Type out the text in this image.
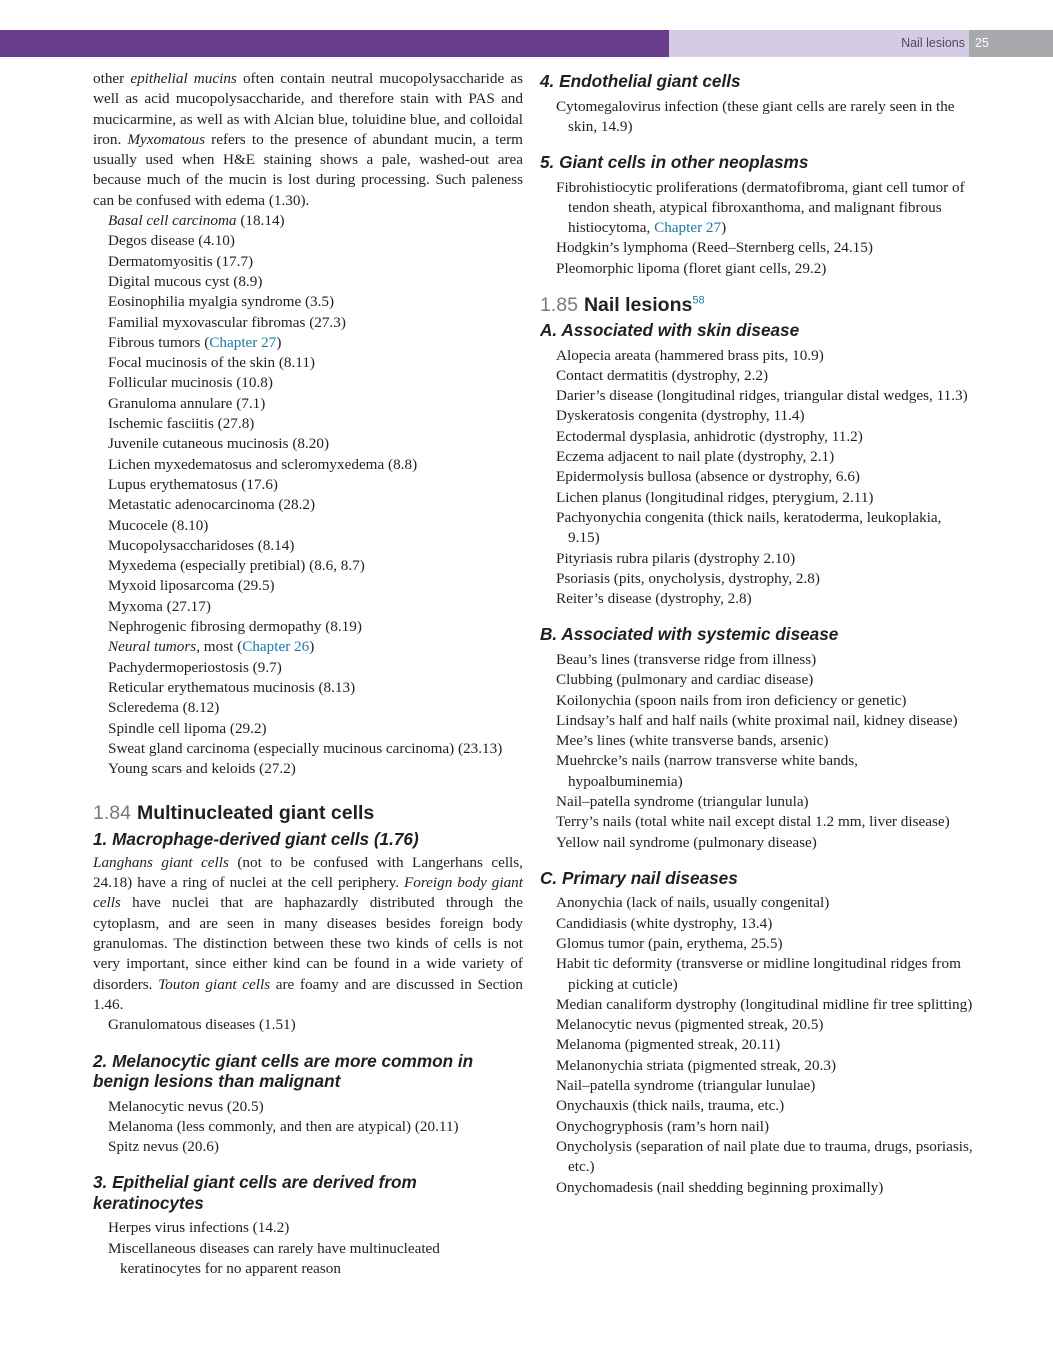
Nail lesions 25

other epithelial mucins often contain neutral mucopolysaccharide as well as acid mucopolysaccharide, and therefore stain with PAS and mucicarmine, as well as with Alcian blue, toluidine blue, and colloidal iron. Myxomatous refers to the presence of abundant mucin, a term usually used when H&E staining shows a pale, washed-out area because much of the mucin is lost during processing. Such paleness can be confused with edema (1.30).

Basal cell carcinoma (18.14)
Degos disease (4.10)
Dermatomyositis (17.7)
Digital mucous cyst (8.9)
Eosinophilia myalgia syndrome (3.5)
Familial myxovascular fibromas (27.3)
Fibrous tumors (Chapter 27)
Focal mucinosis of the skin (8.11)
Follicular mucinosis (10.8)
Granuloma annulare (7.1)
Ischemic fasciitis (27.8)
Juvenile cutaneous mucinosis (8.20)
Lichen myxedematosus and scleromyxedema (8.8)
Lupus erythematosus (17.6)
Metastatic adenocarcinoma (28.2)
Mucocele (8.10)
Mucopolysaccharidoses (8.14)
Myxedema (especially pretibial) (8.6, 8.7)
Myxoid liposarcoma (29.5)
Myxoma (27.17)
Nephrogenic fibrosing dermopathy (8.19)
Neural tumors, most (Chapter 26)
Pachydermoperiostosis (9.7)
Reticular erythematous mucinosis (8.13)
Scleredema (8.12)
Spindle cell lipoma (29.2)
Sweat gland carcinoma (especially mucinous carcinoma) (23.13)
Young scars and keloids (27.2)
1.84 Multinucleated giant cells
1. Macrophage-derived giant cells (1.76)

Langhans giant cells (not to be confused with Langerhans cells, 24.18) have a ring of nuclei at the cell periphery. Foreign body giant cells have nuclei that are haphazardly distributed through the cytoplasm, and are seen in many diseases besides foreign body granulomas. The distinction between these two kinds of cells is not very important, since either kind can be found in a wide variety of disorders. Touton giant cells are foamy and are discussed in Section 1.46.

Granulomatous diseases (1.51)

2. Melanocytic giant cells are more common in benign lesions than malignant
Melanocytic nevus (20.5)
Melanoma (less commonly, and then are atypical) (20.11)
Spitz nevus (20.6)
3. Epithelial giant cells are derived from keratinocytes
Herpes virus infections (14.2)
Miscellaneous diseases can rarely have multinucleated keratinocytes for no apparent reason
4. Endothelial giant cells
Cytomegalovirus infection (these giant cells are rarely seen in the skin, 14.9)
5. Giant cells in other neoplasms
Fibrohistiocytic proliferations (dermatofibroma, giant cell tumor of tendon sheath, atypical fibroxanthoma, and malignant fibrous histiocytoma, Chapter 27)
Hodgkin’s lymphoma (Reed–Sternberg cells, 24.15)
Pleomorphic lipoma (floret giant cells, 29.2)
1.85 Nail lesions$^{58}$
A. Associated with skin disease
Alopecia areata (hammered brass pits, 10.9)
Contact dermatitis (dystrophy, 2.2)
Darier’s disease (longitudinal ridges, triangular distal wedges, 11.3)
Dyskeratosis congenita (dystrophy, 11.4)
Ectodermal dysplasia, anhidrotic (dystrophy, 11.2)
Eczema adjacent to nail plate (dystrophy, 2.1)
Epidermolysis bullosa (absence or dystrophy, 6.6)
Lichen planus (longitudinal ridges, pterygium, 2.11)
Pachyonychia congenita (thick nails, keratoderma, leukoplakia, 9.15)
Pityriasis rubra pilaris (dystrophy 2.10)
Psoriasis (pits, onycholysis, dystrophy, 2.8)
Reiter’s disease (dystrophy, 2.8)
B. Associated with systemic disease
Beau’s lines (transverse ridge from illness)
Clubbing (pulmonary and cardiac disease)
Koilonychia (spoon nails from iron deficiency or genetic)
Lindsay’s half and half nails (white proximal nail, kidney disease)
Mee’s lines (white transverse bands, arsenic)
Muehrcke’s nails (narrow transverse white bands, hypoalbuminemia)
Nail–patella syndrome (triangular lunula)
Terry’s nails (total white nail except distal 1.2 mm, liver disease)
Yellow nail syndrome (pulmonary disease)
C. Primary nail diseases
Anonychia (lack of nails, usually congenital)
Candidiasis (white dystrophy, 13.4)
Glomus tumor (pain, erythema, 25.5)
Habit tic deformity (transverse or midline longitudinal ridges from picking at cuticle)
Median canaliform dystrophy (longitudinal midline fir tree splitting)
Melanocytic nevus (pigmented streak, 20.5)
Melanoma (pigmented streak, 20.11)
Melanonychia striata (pigmented streak, 20.3)
Nail–patella syndrome (triangular lunulae)
Onychauxis (thick nails, trauma, etc.)
Onychogryphosis (ram’s horn nail)
Onycholysis (separation of nail plate due to trauma, drugs, psoriasis, etc.)
Onychomadesis (nail shedding beginning proximally)
